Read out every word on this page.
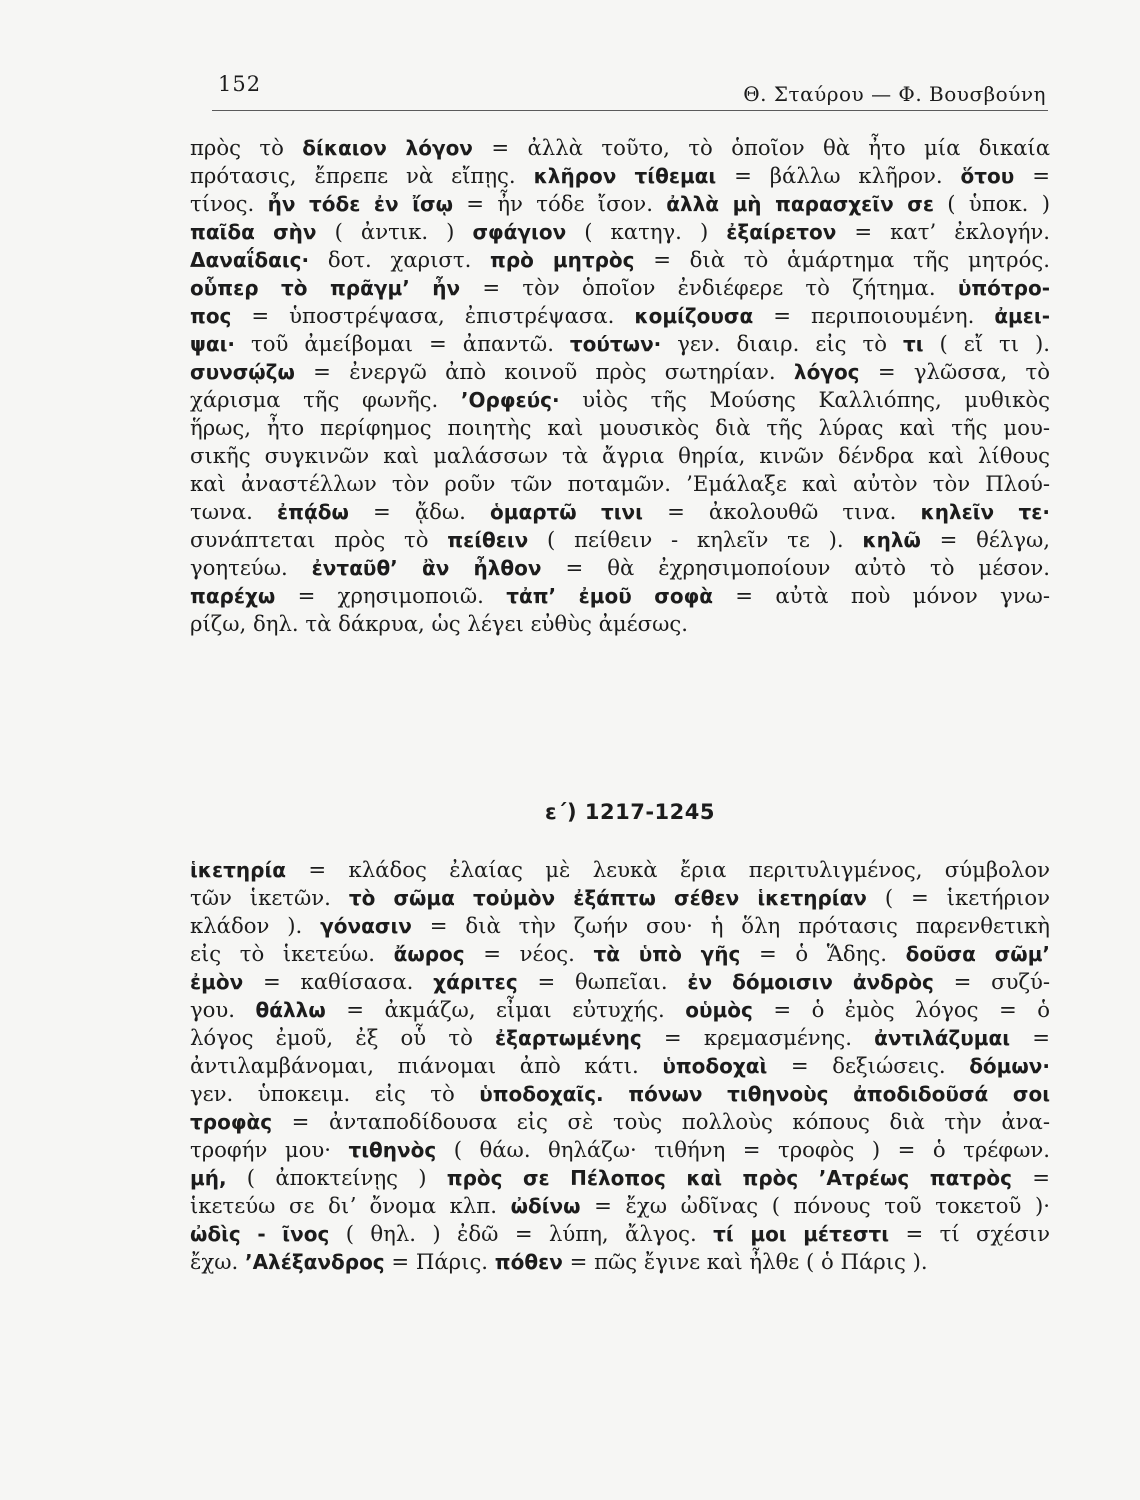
152	Θ. Σταύρου — Φ. Βουσβούνη
πρὸς τὸ δίκαιον λόγον = ἀλλὰ τοῦτο, τὸ ὁποῖον θὰ ἦτο μία δικαία
πρότασις, ἔπρεπε νὰ εἴπῃς. κλῆρον τίθεμαι = βάλλω κλῆρον. ὅτου =
τίνος. ἦν τόδε ἐν ἴσῳ = ἦν τόδε ἴσον. ἀλλὰ μὴ παρασχεῖν σε ( ὑποκ. )
παῖδα σὴν ( ἀντικ. ) σφάγιον ( κατηγ. ) ἐξαίρετον = κατ’ ἐκλογήν.
Δαναΐδαις· δοτ. χαριστ. πρὸ μητρὸς = διὰ τὸ ἁμάρτημα τῆς μητρός.
οὗπερ τὸ πρᾶγμ’ ἦν = τὸν ὁποῖον ἐνδιέφερε τὸ ζήτημα. ὑπότρο-
πος = ὑποστρέψασα, ἐπιστρέψασα. κομίζουσα = περιποιουμένη. ἀμει-
ψαι· τοῦ ἀμείβομαι = ἀπαντῶ. τούτων· γεν. διαιρ. εἰς τὸ τι ( εἴ τι ).
συνσῴζω = ἐνεργῶ ἀπὸ κοινοῦ πρὸς σωτηρίαν. λόγος = γλῶσσα, τὸ
χάρισμα τῆς φωνῆς. ’Ορφεύς· υἱὸς τῆς Μούσης Καλλιόπης, μυθικὸς
ἥρως, ἦτο περίφημος ποιητὴς καὶ μουσικὸς διὰ τῆς λύρας καὶ τῆς μου-
σικῆς συγκινῶν καὶ μαλάσσων τὰ ἄγρια θηρία, κινῶν δένδρα καὶ λίθους
καὶ ἀναστέλλων τὸν ροῦν τῶν ποταμῶν. ’Εμάλαξε καὶ αὐτὸν τὸν Πλού-
τωνα. ἐπᾴδω = ᾄδω. ὁμαρτῶ τινι = ἀκολουθῶ τινα. κηλεῖν τε·
συνάπτεται πρὸς τὸ πείθειν ( πείθειν - κηλεῖν τε ). κηλῶ = θέλγω,
γοητεύω. ἐνταῦθ’ ἂν ἦλθον = θὰ ἐχρησιμοποίουν αὐτὸ τὸ μέσον.
παρέχω = χρησιμοποιῶ. τἀπ’ ἐμοῦ σοφὰ = αὐτὰ ποὺ μόνον γνω-
ρίζω, δηλ. τὰ δάκρυα, ὡς λέγει εὐθὺς ἀμέσως.
ε΄) 1217-1245
ἱκετηρία = κλάδος ἐλαίας μὲ λευκὰ ἔρια περιτυλιγμένος, σύμβολον
τῶν ἱκετῶν. τὸ σῶμα τοὐμὸν ἐξάπτω σέθεν ἱκετηρίαν ( = ἱκετήριον
κλάδον ). γόνασιν = διὰ τὴν ζωήν σου· ἡ ὅλη πρότασις παρενθετικὴ
εἰς τὸ ἱκετεύω. ἄωρος = νέος. τὰ ὑπὸ γῆς = ὁ Ἅδης. δοῦσα σῶμ’
ἐμὸν = καθίσασα. χάριτες = θωπεῖαι. ἐν δόμοισιν ἀνδρὸς = συζύ-
γου. θάλλω = ἀκμάζω, εἶμαι εὐτυχής. οὑμὸς = ὁ ἐμὸς λόγος = ὁ
λόγος ἐμοῦ, ἐξ οὗ τὸ ἐξαρτωμένης = κρεμασμένης. ἀντιλάζυμαι =
ἀντιλαμβάνομαι, πιάνομαι ἀπὸ κάτι. ὑποδοχαὶ = δεξιώσεις. δόμων·
γεν. ὑποκειμ. εἰς τὸ ὑποδοχαῖς. πόνων τιθηνοὺς ἀποδιδοῦσά σοι
τροφὰς = ἀνταποδίδουσα εἰς σὲ τοὺς πολλοὺς κόπους διὰ τὴν ἀνα-
τροφήν μου· τιθηνὸς ( θάω. θηλάζω· τιθήνη = τροφὸς ) = ὁ τρέφων.
μή, ( ἀποκτείνῃς ) πρὸς σε Πέλοπος καὶ πρὸς ’Ατρέως πατρὸς =
ἱκετεύω σε διʼ ὄνομα κλπ. ὠδίνω = ἔχω ὠδῖνας ( πόνους τοῦ τοκετοῦ )·
ὠδὶς - ῖνος ( θηλ. ) ἐδῶ = λύπη, ἄλγος. τί μοι μέτεστι = τί σχέσιν
ἔχω. ’Αλέξανδρος = Πάρις. πόθεν = πῶς ἔγινε καὶ ἦλθε ( ὁ Πάρις ).
